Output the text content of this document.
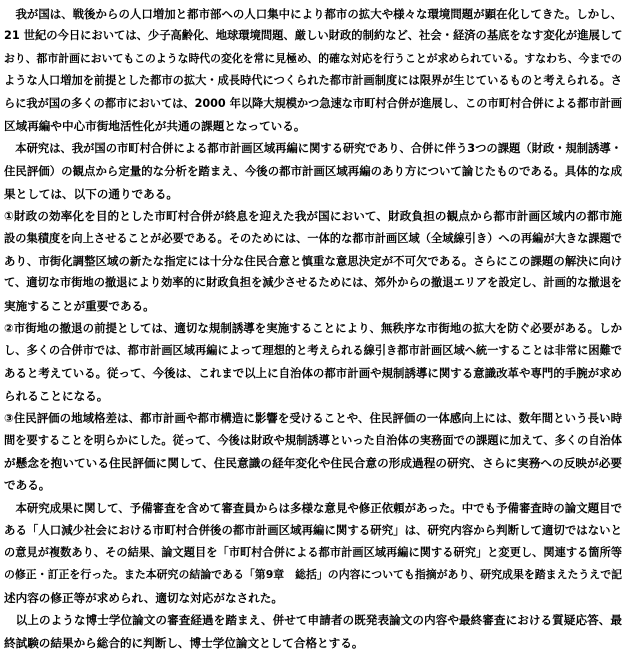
　我が国は、戦後からの人口増加と都市部への人口集中により都市の拡大や様々な環境問題が顕在化してきた。しかし、
21 世紀の今日においては、少子高齢化、地球環境問題、厳しい財政的制約など、社会・経済の基底をなす変化が進展して
おり、都市計画においてもこのような時代の変化を常に見極め、的確な対応を行うことが求められている。すなわち、今までの
ような人口増加を前提とした都市の拡大・成長時代につくられた都市計画制度には限界が生じているものと考えられる。さ
らに我が国の多くの都市においては、2000 年以降大規模かつ急速な市町村合併が進展し、この市町村合併による都市計画
区域再編や中心市街地活性化が共通の課題となっている。
　本研究は、我が国の市町村合併による都市計画区域再編に関する研究であり、合併に伴う3つの課題（財政・規制誘導・
住民評価）の観点から定量的な分析を踏まえ、今後の都市計画区域再編のあり方について論じたものである。具体的な成
果としては、以下の通りである。
①財政の効率化を目的とした市町村合併が終息を迎えた我が国において、財政負担の観点から都市計画区域内の都市施
設の集積度を向上させることが必要である。そのためには、一体的な都市計画区域（全域線引き）への再編が大きな課題で
あり、市街化調整区域の新たな指定には十分な住民合意と慎重な意思決定が不可欠である。さらにこの課題の解決に向け
て、適切な市街地の撤退により効率的に財政負担を減少させるためには、郊外からの撤退エリアを設定し、計画的な撤退を
実施することが重要である。
②市街地の撤退の前提としては、適切な規制誘導を実施することにより、無秩序な市街地の拡大を防ぐ必要がある。しか
し、多くの合併市では、都市計画区域再編によって理想的と考えられる線引き都市計画区域へ統一することは非常に困難で
あると考えている。従って、今後は、これまで以上に自治体の都市計画や規制誘導に関する意識改革や専門的手腕が求め
られることになる。
③住民評価の地域格差は、都市計画や都市構造に影響を受けることや、住民評価の一体感向上には、数年間という長い時
間を要することを明らかにした。従って、今後は財政や規制誘導といった自治体の実務面での課題に加えて、多くの自治体
が懸念を抱いている住民評価に関して、住民意識の経年変化や住民合意の形成過程の研究、さらに実務への反映が必要
である。
　本研究成果に関して、予備審査を含めて審査員からは多様な意見や修正依頼があった。中でも予備審査時の論文題目で
ある「人口減少社会における市町村合併後の都市計画区域再編に関する研究」は、研究内容から判断して適切ではないと
の意見が複数あり、その結果、論文題目を「市町村合併による都市計画区域再編に関する研究」と変更し、関連する箇所等
の修正・訂正を行った。また本研究の結論である「第9章　総括」の内容についても指摘があり、研究成果を踏まえたうえで記
述内容の修正等が求められ、適切な対応がなされた。
　以上のような博士学位論文の審査経過を踏まえ、併せて申請者の既発表論文の内容や最終審査における質疑応答、最
終試験の結果から総合的に判断し、博士学位論文として合格とする。
